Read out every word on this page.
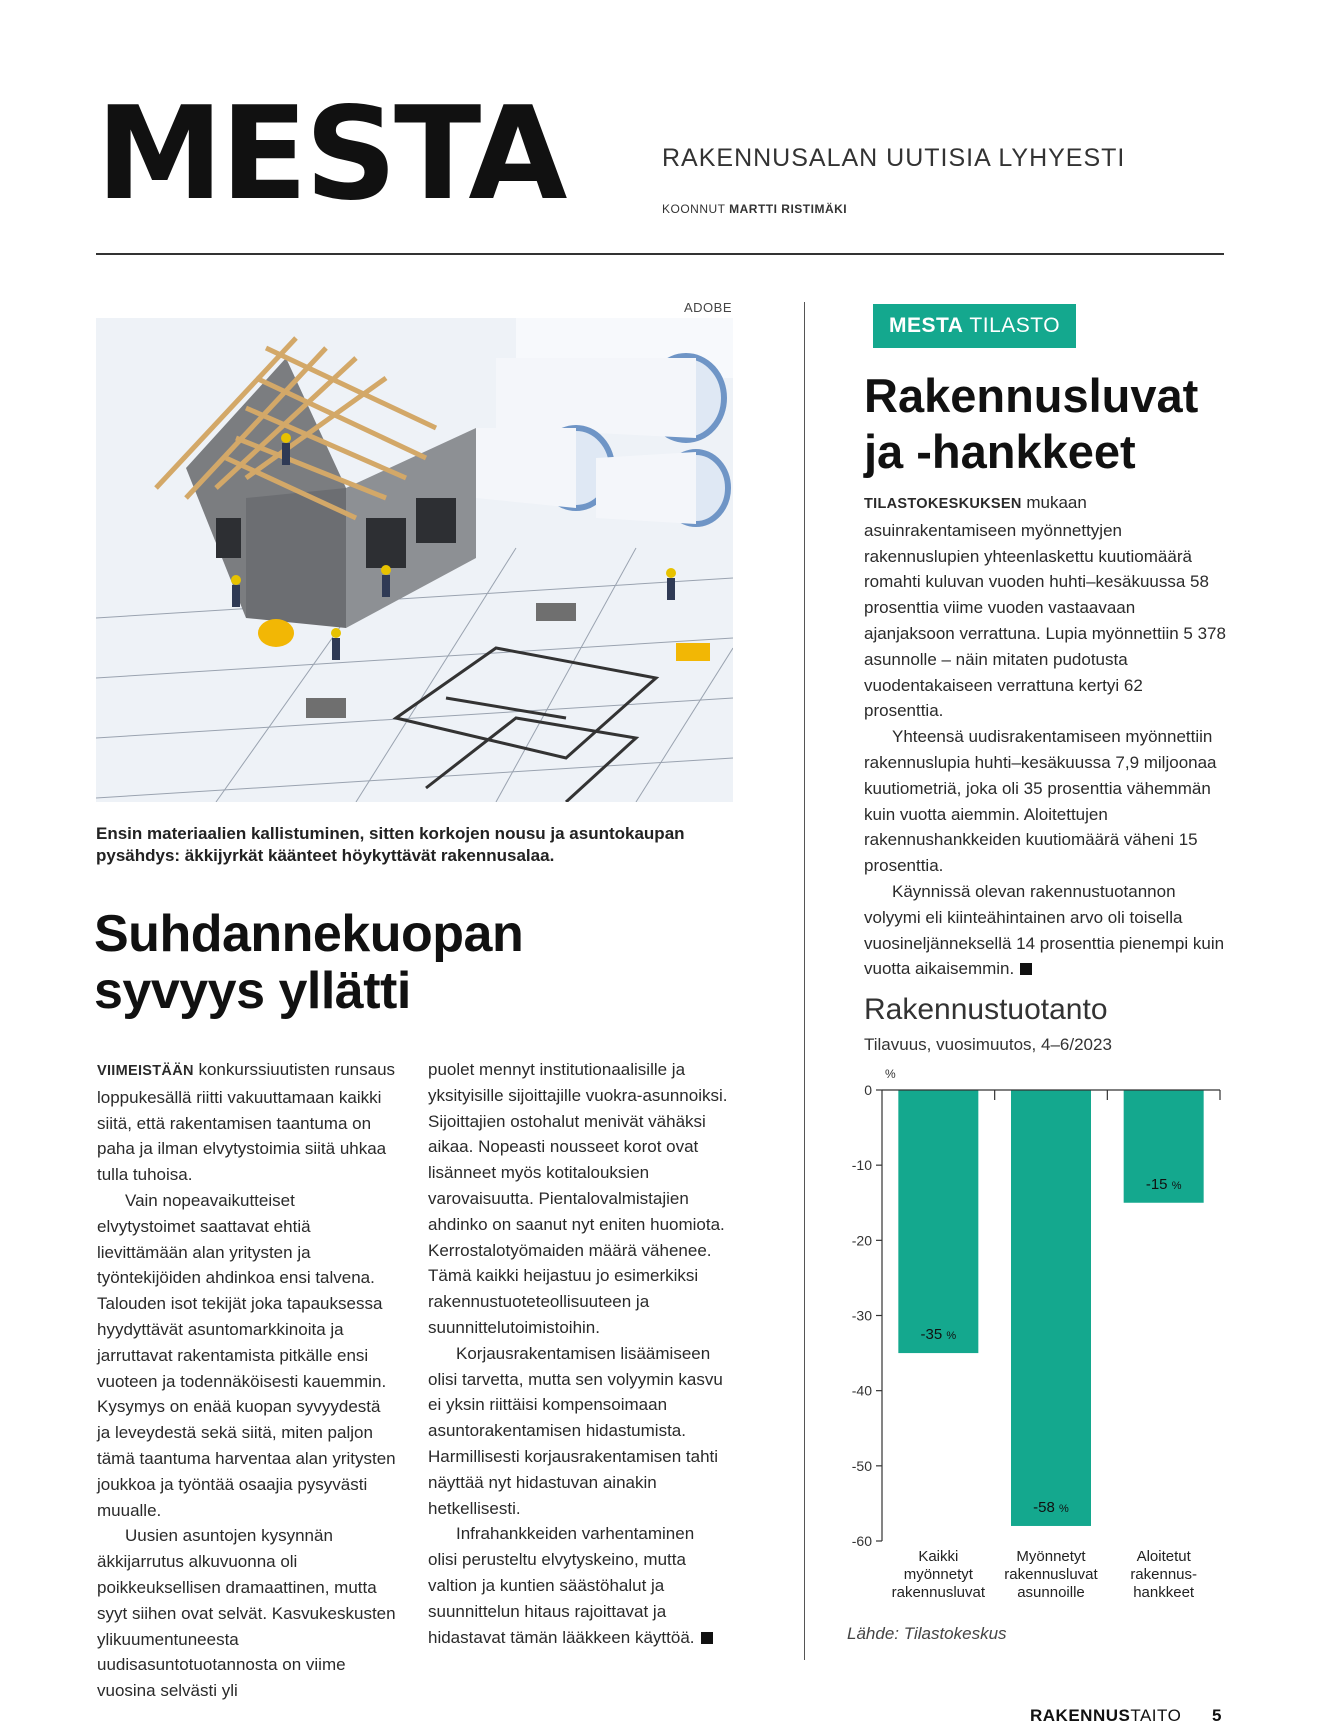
MESTA	RAKENNUSALAN UUTISIA LYHYESTI
KOONNUT MARTTI RISTIMÄKI
ADOBE
Ensin materiaalien kallistuminen, sitten korkojen nousu ja asuntokaupan pysähdys: äkkijyrkät käänteet höykyttävät rakennusalaa.
Suhdannekuopan
syvyys yllätti

VIIMEISTÄÄN konkurssiuutisten runsaus loppukesällä riitti vakuuttamaan kaikki siitä, että rakentamisen taantuma on paha ja ilman elvytystoimia siitä uhkaa tulla tuhoisa.

Vain nopeavaikutteiset elvytystoimet saattavat ehtiä lievittämään alan yritysten ja työntekijöiden ahdinkoa ensi talvena. Talouden isot tekijät joka tapauksessa hyydyttävät asuntomarkkinoita ja jarruttavat rakentamista pitkälle ensi vuoteen ja todennäköisesti kauemmin. Kysymys on enää kuopan syvyydestä ja leveydestä sekä siitä, miten paljon tämä taantuma harventaa alan yritysten joukkoa ja työntää osaajia pysyvästi muualle.

Uusien asuntojen kysynnän äkkijarrutus alkuvuonna oli poikkeuksellisen dramaattinen, mutta syyt siihen ovat selvät. Kasvukeskusten ylikuumentuneesta uudisasuntotuotannosta on viime vuosina selvästi yli

puolet mennyt institutionaalisille ja yksityisille sijoittajille vuokra-asunnoiksi. Sijoittajien ostohalut menivät vähäksi aikaa. Nopeasti nousseet korot ovat lisänneet myös kotitalouksien varovaisuutta. Pientalovalmistajien ahdinko on saanut nyt eniten huomiota. Kerrostalotyömaiden määrä vähenee. Tämä kaikki heijastuu jo esimerkiksi rakennustuoteteollisuuteen ja suunnittelutoimistoihin.

Korjausrakentamisen lisäämiseen olisi tarvetta, mutta sen volyymin kasvu ei yksin riittäisi kompensoimaan asuntorakentamisen hidastumista. Harmillisesti korjausrakentamisen tahti näyttää nyt hidastuvan ainakin hetkellisesti.

Infrahankkeiden varhentaminen olisi perusteltu elvytyskeino, mutta valtion ja kuntien säästöhalut ja suunnittelun hitaus rajoittavat ja hidastavat tämän lääkkeen käyttöä.

MESTA TILASTO
Rakennusluvat
ja -hankkeet

TILASTOKESKUKSEN mukaan asuinrakentamiseen myönnettyjen rakennuslupien yhteenlaskettu kuutiomäärä romahti kuluvan vuoden huhti–kesäkuussa 58 prosenttia viime vuoden vastaavaan ajanjaksoon verrattuna. Lupia myönnettiin 5 378 asunnolle – näin mitaten pudotusta vuodentakaiseen verrattuna kertyi 62 prosenttia.

Yhteensä uudisrakentamiseen myönnettiin rakennuslupia huhti–kesäkuussa 7,9 miljoonaa kuutiometriä, joka oli 35 prosenttia vähemmän kuin vuotta aiemmin. Aloitettujen rakennushankkeiden kuutiomäärä väheni 15 prosenttia.

Käynnissä olevan rakennustuotannon volyymi eli kiinteähintainen arvo oli toisella vuosineljänneksellä 14 prosenttia pienempi kuin vuotta aikaisemmin.

Rakennustuotanto
Tilavuus, vuosimuutos, 4–6/2023
%
0
-10
-20
-30
-40
-50
-60
-35 %
Kaikki
myönnetyt
rakennusluvat
-58 %
Myönnetyt
rakennusluvat
asunnoille
-15 %
Aloitetut
rakennus-
hankkeet
Lähde: Tilastokeskus
RAKENNUSTAITO 5
